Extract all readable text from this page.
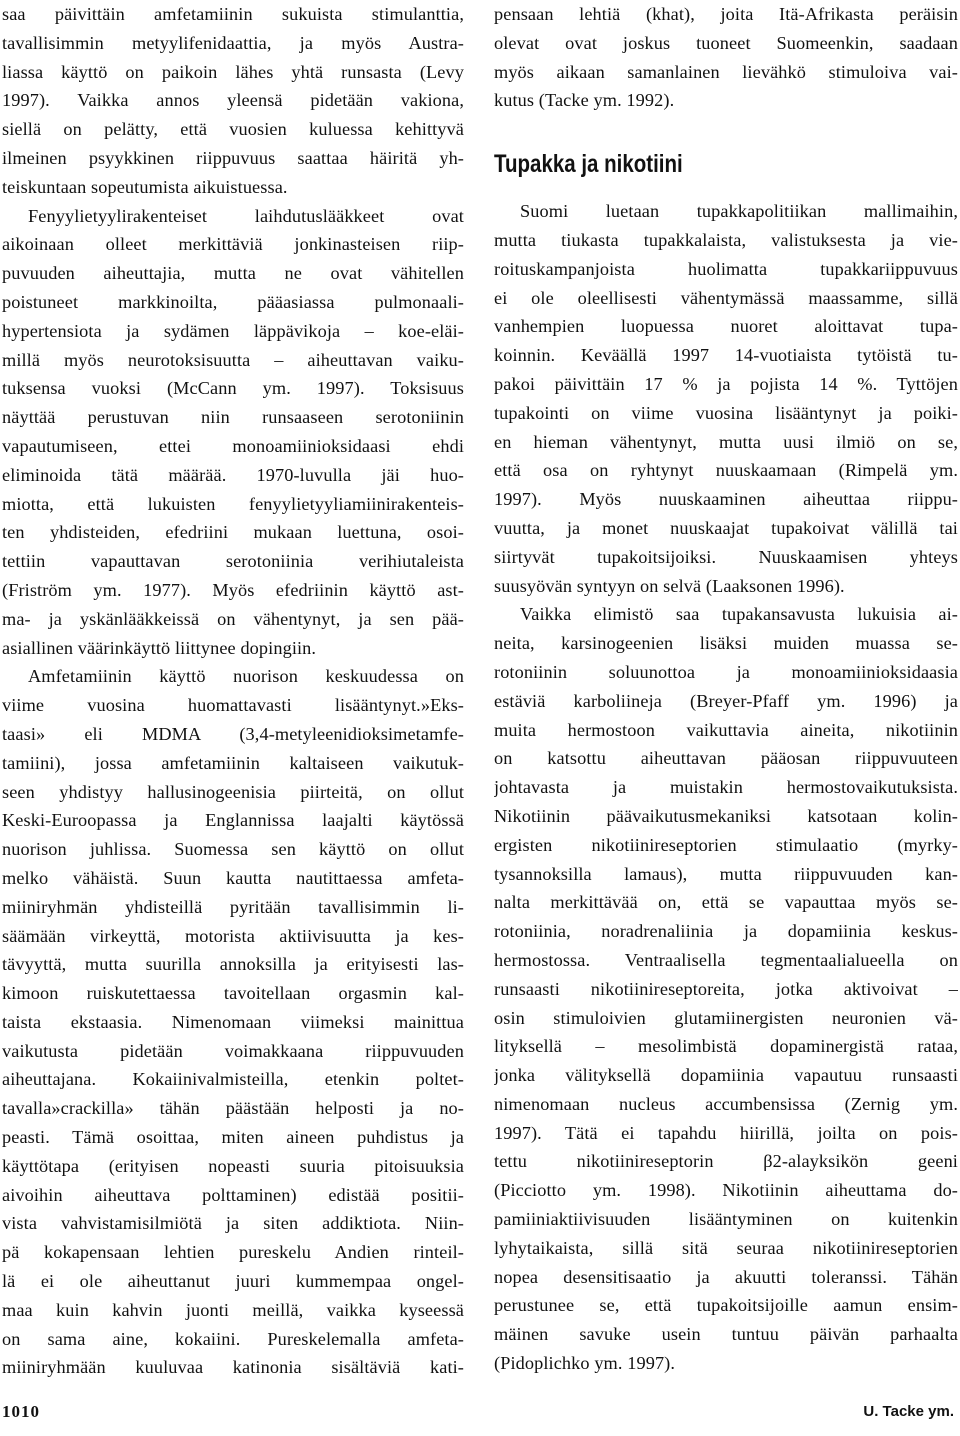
saa päivittäin amfetamiinin sukuista stimulanttia,
tavallisimmin metyylifenidaattia, ja myös Austra-
liassa käyttö on paikoin lähes yhtä runsasta (Levy
1997). Vaikka annos yleensä pidetään vakiona,
siellä on pelätty, että vuosien kuluessa kehittyvä
ilmeinen psyykkinen riippuvuus saattaa häiritä yh-
teiskuntaan sopeutumista aikuistuessa.
Fenyylietyylirakenteiset laihdutuslääkkeet ovat
aikoinaan olleet merkittäviä jonkinasteisen riip-
puvuuden aiheuttajia, mutta ne ovat vähitellen
poistuneet markkinoilta, pääasiassa pulmonaali-
hypertensiota ja sydämen läppävikoja – koe-eläi-
millä myös neurotoksisuutta – aiheuttavan vaiku-
tuksensa vuoksi (McCann ym. 1997). Toksisuus
näyttää perustuvan niin runsaaseen serotoniinin
vapautumiseen, ettei monoamiinioksidaasi ehdi
eliminoida tätä määrää. 1970-luvulla jäi huo-
miotta, että lukuisten fenyylietyyliamiinirakenteis-
ten yhdisteiden, efedriini mukaan luettuna, osoi-
tettiin vapauttavan serotoniinia verihiutaleista
(Friström ym. 1977). Myös efedriinin käyttö ast-
ma- ja yskänlääkkeissä on vähentynyt, ja sen pää-
asiallinen väärinkäyttö liittynee dopingiin.
Amfetamiinin käyttö nuorison keskuudessa on
viime vuosina huomattavasti lisääntynyt.»Eks-
taasi» eli MDMA (3,4-metyleenidioksimetamfe-
tamiini), jossa amfetamiinin kaltaiseen vaikutuk-
seen yhdistyy hallusinogeenisia piirteitä, on ollut
Keski-Euroopassa ja Englannissa laajalti käytössä
nuorison juhlissa. Suomessa sen käyttö on ollut
melko vähäistä. Suun kautta nautittaessa amfeta-
miiniryhmän yhdisteillä pyritään tavallisimmin li-
säämään virkeyttä, motorista aktiivisuutta ja kes-
tävyyttä, mutta suurilla annoksilla ja erityisesti las-
kimoon ruiskutettaessa tavoitellaan orgasmin kal-
taista ekstaasia. Nimenomaan viimeksi mainittua
vaikutusta pidetään voimakkaana riippuvuuden
aiheuttajana. Kokaiinivalmisteilla, etenkin poltet-
tavalla»crackilla» tähän päästään helposti ja no-
peasti. Tämä osoittaa, miten aineen puhdistus ja
käyttötapa (erityisen nopeasti suuria pitoisuuksia
aivoihin aiheuttava polttaminen) edistää positii-
vista vahvistamisilmiötä ja siten addiktiota. Niin-
pä kokapensaan lehtien pureskelu Andien rinteil-
lä ei ole aiheuttanut juuri kummempaa ongel-
maa kuin kahvin juonti meillä, vaikka kyseessä
on sama aine, kokaiini. Pureskelemalla amfeta-
miiniryhmään kuuluvaa katinonia sisältäviä kati-
pensaan lehtiä (khat), joita Itä-Afrikasta peräisin
olevat ovat joskus tuoneet Suomeenkin, saadaan
myös aikaan samanlainen lievähkö stimuloiva vai-
kutus (Tacke ym. 1992).
Tupakka ja nikotiini
Suomi luetaan tupakkapolitiikan mallimaihin,
mutta tiukasta tupakkalaista, valistuksesta ja vie-
roituskampanjoista huolimatta tupakkariippuvuus
ei ole oleellisesti vähentymässä maassamme, sillä
vanhempien luopuessa nuoret aloittavat tupa-
koinnin. Keväällä 1997 14-vuotiaista tytöistä tu-
pakoi päivittäin 17 % ja pojista 14 %. Tyttöjen
tupakointi on viime vuosina lisääntynyt ja poiki-
en hieman vähentynyt, mutta uusi ilmiö on se,
että osa on ryhtynyt nuuskaamaan (Rimpelä ym.
1997). Myös nuuskaaminen aiheuttaa riippu-
vuutta, ja monet nuuskaajat tupakoivat välillä tai
siirtyvät tupakoitsijoiksi. Nuuskaamisen yhteys
suusyövän syntyyn on selvä (Laaksonen 1996).
Vaikka elimistö saa tupakansavusta lukuisia ai-
neita, karsinogeenien lisäksi muiden muassa se-
rotoniinin soluunottoa ja monoamiinioksidaasia
estäviä karboliineja (Breyer-Pfaff ym. 1996) ja
muita hermostoon vaikuttavia aineita, nikotiinin
on katsottu aiheuttavan pääosan riippuvuuteen
johtavasta ja muistakin hermostovaikutuksista.
Nikotiinin päävaikutusmekaniksi katsotaan kolin-
ergisten nikotiinireseptorien stimulaatio (myrky-
tysannoksilla lamaus), mutta riippuvuuden kan-
nalta merkittävää on, että se vapauttaa myös se-
rotoniinia, noradrenaliinia ja dopamiinia keskus-
hermostossa. Ventraalisella tegmentaalialueella on
runsaasti nikotiinireseptoreita, jotka aktivoivat –
osin stimuloivien glutamiinergisten neuronien vä-
lityksellä – mesolimbistä dopaminergistä rataa,
jonka välityksellä dopamiinia vapautuu runsaasti
nimenomaan nucleus accumbensissa (Zernig ym.
1997). Tätä ei tapahdu hiirillä, joilta on pois-
tettu nikotiinireseptorin β2-alayksikön geeni
(Picciotto ym. 1998). Nikotiinin aiheuttama do-
pamiiniaktiivisuuden lisääntyminen on kuitenkin
lyhytaikaista, sillä sitä seuraa nikotiinireseptorien
nopea desensitisaatio ja akuutti toleranssi. Tähän
perustunee se, että tupakoitsijoille aamun ensim-
mäinen savuke usein tuntuu päivän parhaalta
(Pidoplichko ym. 1997).
1010	U. Tacke ym.
